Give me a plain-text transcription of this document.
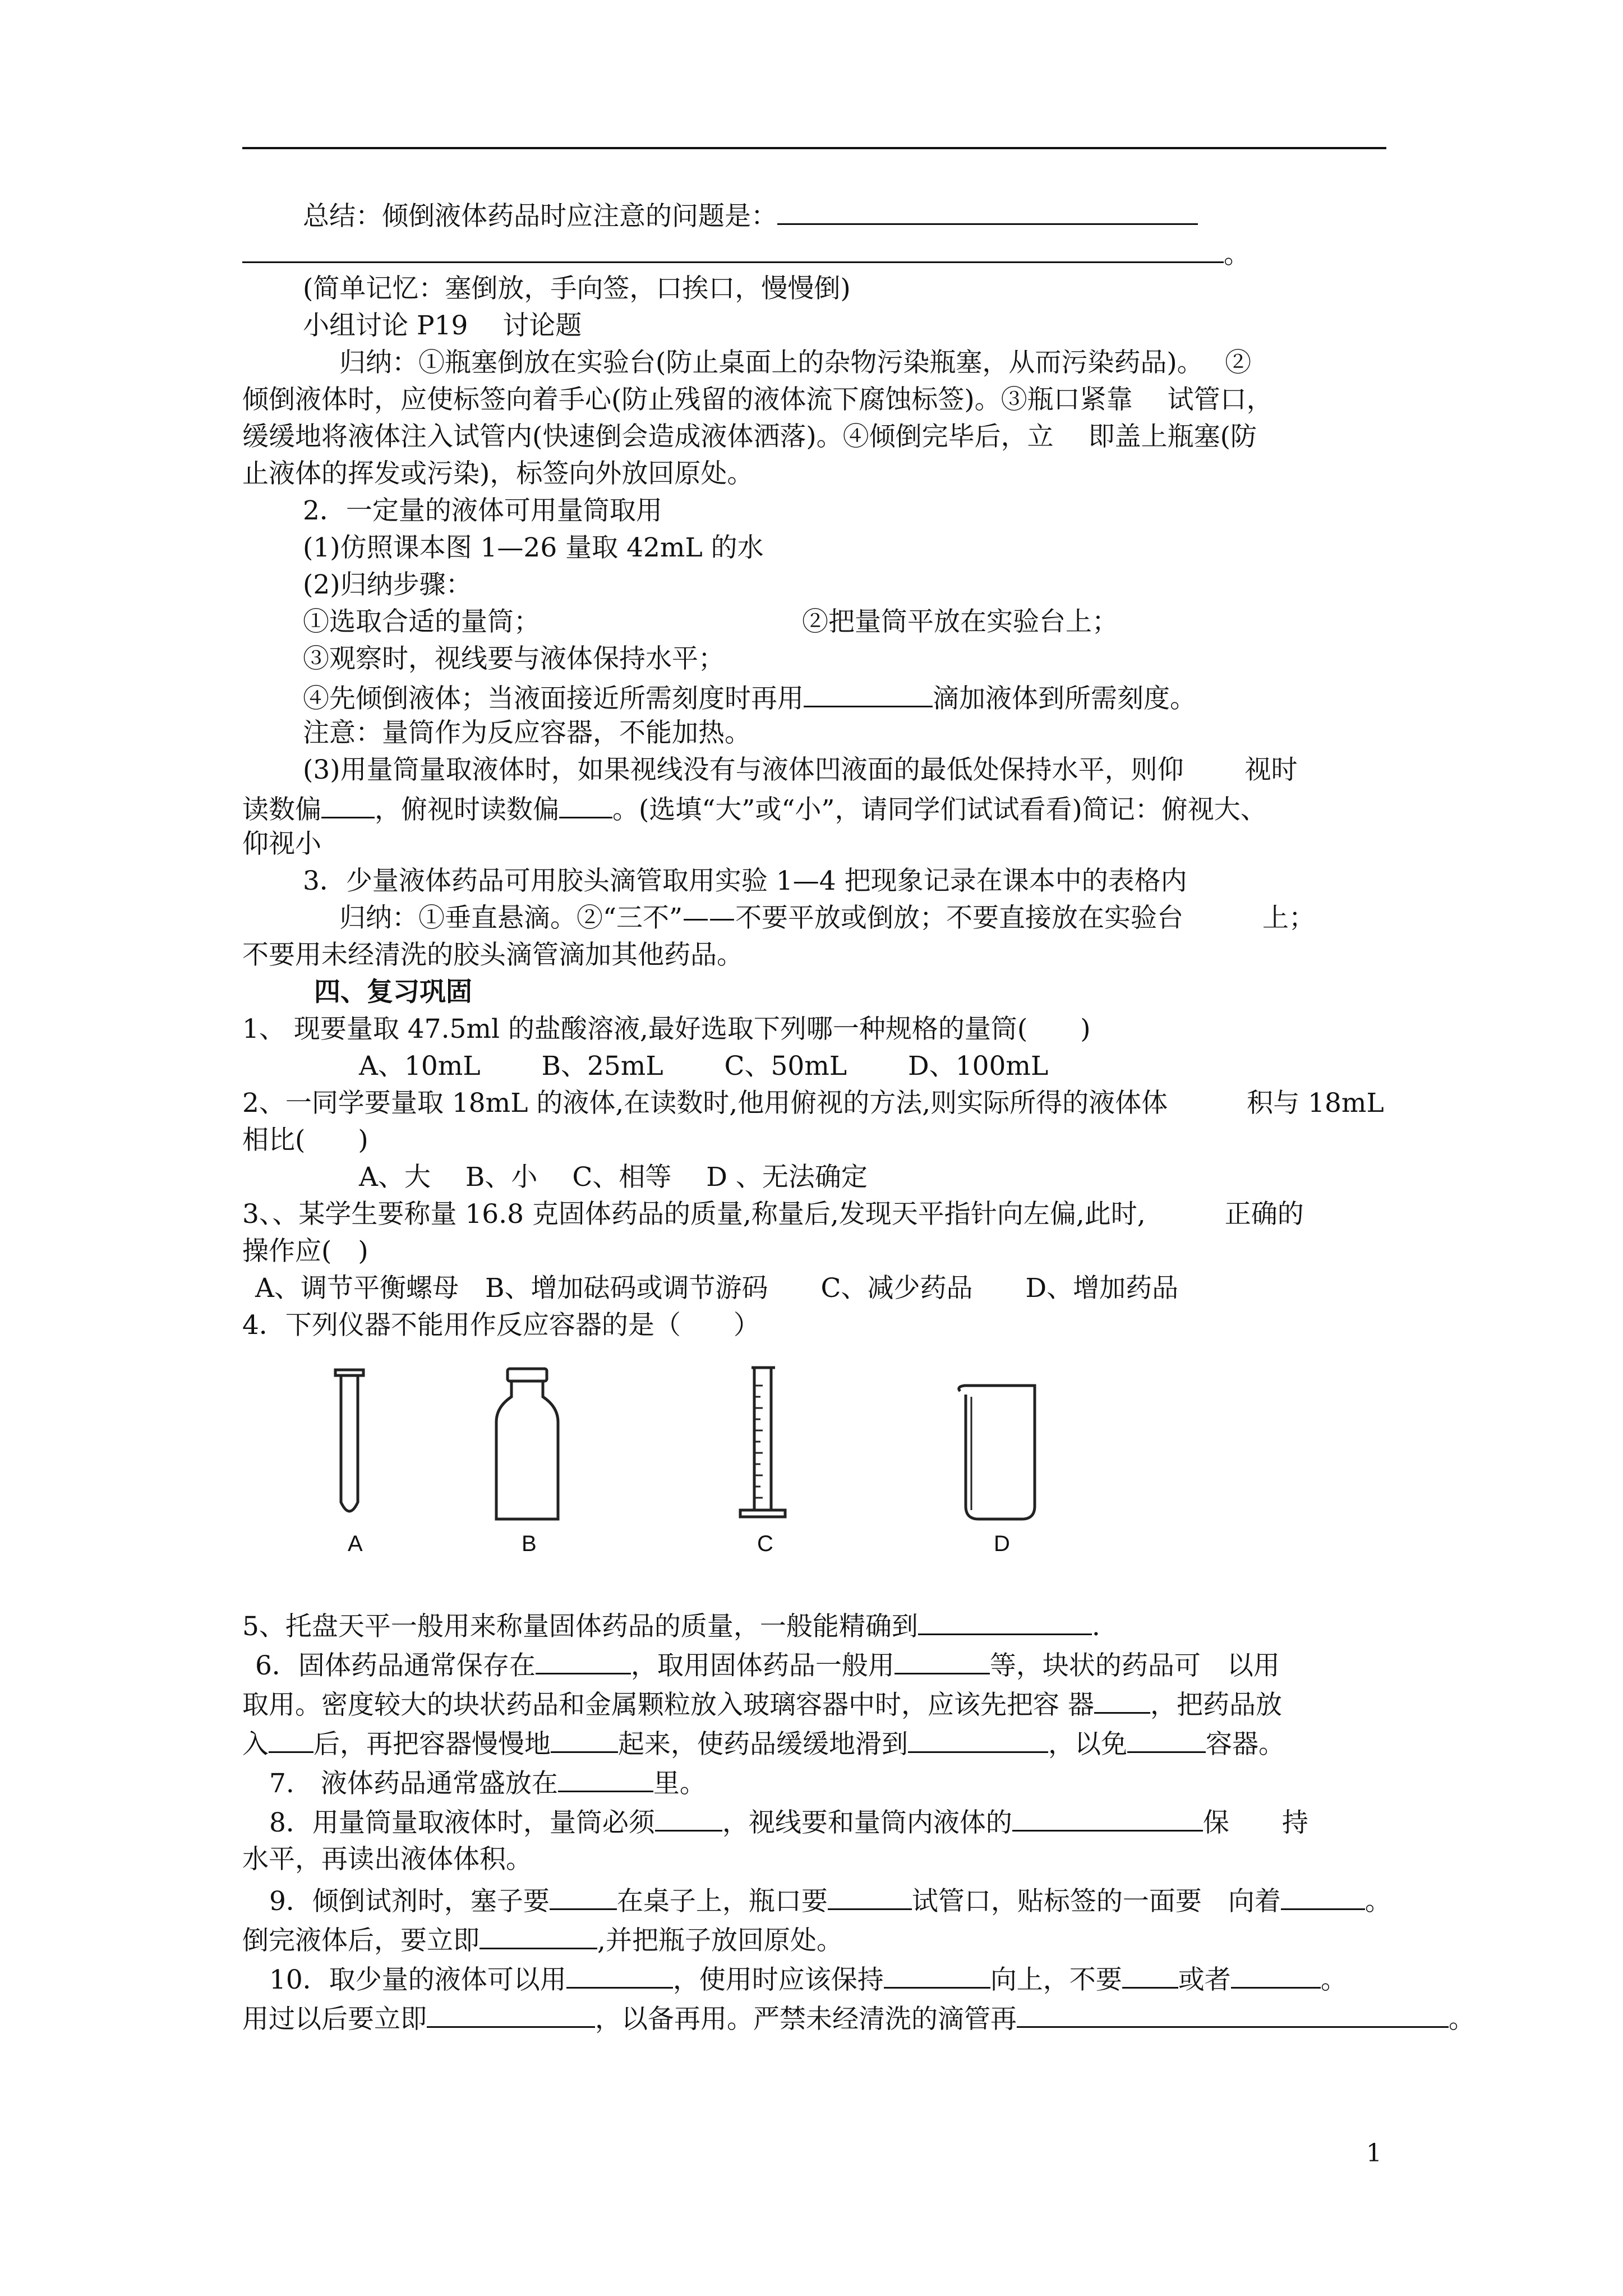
总结：倾倒液体药品时应注意的问题是：
。
(简单记忆：塞倒放，手向签，口挨口，慢慢倒)
小组讨论 P19　 讨论题
归纳：①瓶塞倒放在实验台(防止桌面上的杂物污染瓶塞，从而污染药品)。　 ②
倾倒液体时，应使标签向着手心(防止残留的液体流下腐蚀标签)。③瓶口紧靠　 试管口，
缓缓地将液体注入试管内(快速倒会造成液体洒落)。④倾倒完毕后，立　 即盖上瓶塞(防
止液体的挥发或污染)，标签向外放回原处。
2．一定量的液体可用量筒取用
(1)仿照课本图 1—26 量取 42mL 的水
(2)归纳步骤：
①选取合适的量筒；	②把量筒平放在实验台上；
③观察时，视线要与液体保持水平；
④先倾倒液体；当液面接近所需刻度时再用	滴加液体到所需刻度。
注意：量筒作为反应容器，不能加热。
(3)用量筒量取液体时，如果视线没有与液体凹液面的最低处保持水平，则仰　　 视时
读数偏 ，俯视时读数偏 。(选填“大”或“小”，请同学们试试看看)简记：俯视大、
仰视小
3．少量液体药品可用胶头滴管取用实验 1—4 把现象记录在课本中的表格内
归纳：①垂直悬滴。②“三不”——不要平放或倒放；不要直接放在实验台　　　上；
不要用未经清洗的胶头滴管滴加其他药品。
四、复习巩固
1、 现要量取 47.5ml 的盐酸溶液,最好选取下列哪一种规格的量筒(　　)
A、10mL　　 B、25mL　　 C、50mL　　 D、100mL
2、一同学要量取 18mL 的液体,在读数时,他用俯视的方法,则实际所得的液体体　　　积与 18mL
相比(　　)
A、大　 B、小　 C、相等　 D 、无法确定
3、、某学生要称量 16.8 克固体药品的质量,称量后,发现天平指针向左偏,此时,　　　正确的
操作应(　)
A、调节平衡螺母　B、增加砝码或调节游码　　C、减少药品　　D、增加药品
4．下列仪器不能用作反应容器的是（　　）
A	B	C	D
5、托盘天平一般用来称量固体药品的质量，一般能精确到	.
6．固体药品通常保存在	，取用固体药品一般用	等，块状的药品可　以用
取用。密度较大的块状药品和金属颗粒放入玻璃容器中时，应该先把容 器 ，把药品放
入 后，再把容器慢慢地	起来，使药品缓缓地滑到	，以免	容器。
7.　液体药品通常盛放在	里。
8．用量筒量取液体时，量筒必须	，视线要和量筒内液体的	保　　持
水平，再读出液体体积。
9．倾倒试剂时，塞子要	在桌子上，瓶口要	试管口，贴标签的一面要　向着	。
倒完液体后，要立即	,并把瓶子放回原处。
10．取少量的液体可以用	，使用时应该保持	向上，不要 或者	。
用过以后要立即	，以备再用。严禁未经清洗的滴管再	。
1
